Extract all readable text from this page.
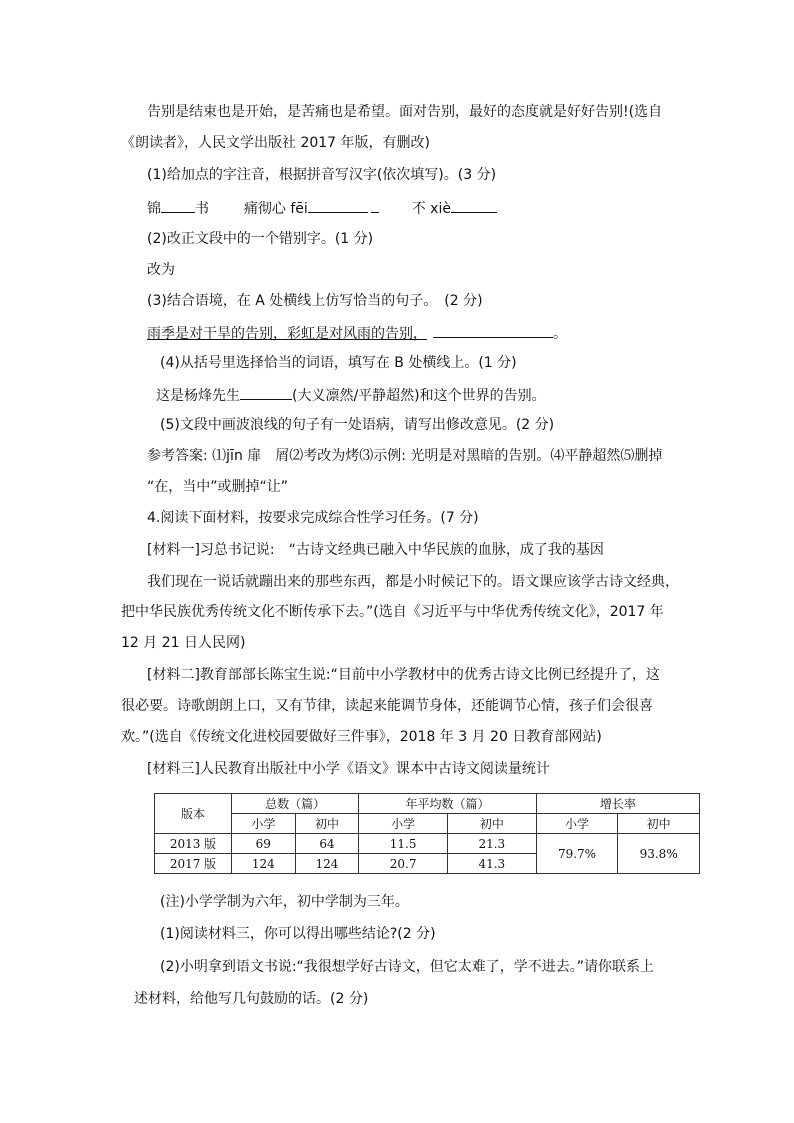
告别是结束也是开始，是苦痛也是希望。面对告别，最好的态度就是好好告别!(选自
《朗读者》，人民文学出版社 2017 年版，有删改)
(1)给加点的字注音，根据拼音写汉字(依次填写)。(3 分)
锦 书 痛彻心 fēi	不 xiè
(2)改正文段中的一个错别字。(1 分)
改为
(3)结合语境，在 A 处横线上仿写恰当的句子。　(2 分)
雨季是对干旱的告别，彩虹是对风雨的告别，	。
(4)从括号里选择恰当的词语，填写在 B 处横线上。(1 分)
这是杨烽先生	(大义凛然/平静超然)和这个世界的告别。
(5)文段中画波浪线的句子有一处语病，请写出修改意见。(2 分)
参考答案: ⑴jīn 扉　屑⑵考改为烤⑶示例: 光明是对黑暗的告别。⑷平静超然⑸删掉
“在，当中”或删掉“让”
4.阅读下面材料，按要求完成综合性学习任务。(7 分)
[材料一]习总书记说:　“古诗文经典已融入中华民族的血脉，成了我的基因
我们现在一说话就蹦出来的那些东西，都是小时候记下的。语文课应该学古诗文经典，
把中华民族优秀传统文化不断传承下去。”(选自《习近平与中华优秀传统文化》，2017 年
12 月 21 日人民网)
[材料二]教育部部长陈宝生说:“目前中小学教材中的优秀古诗文比例已经提升了，这
很必要。诗歌朗朗上口，又有节律，读起来能调节身体，还能调节心情，孩子们会很喜
欢。”(选自《传统文化进校园要做好三件事》，2018 年 3 月 20 日教育部网站)
[材料三]人民教育出版社中小学《语文》课本中古诗文阅读量统计
版本	总数（篇）		年平均数（篇）		增长率	
	小学	初中	小学	初中	小学	初中
2013 版	69	64	11.5	21.3	79.7%	93.8%
2017 版	124	124	20.7	41.3		
(注)小学学制为六年，初中学制为三年。
(1)阅读材料三，你可以得出哪些结论?(2 分)
(2)小明拿到语文书说:“我很想学好古诗文，但它太难了，学不进去。”请你联系上
述材料，给他写几句鼓励的话。(2 分)
